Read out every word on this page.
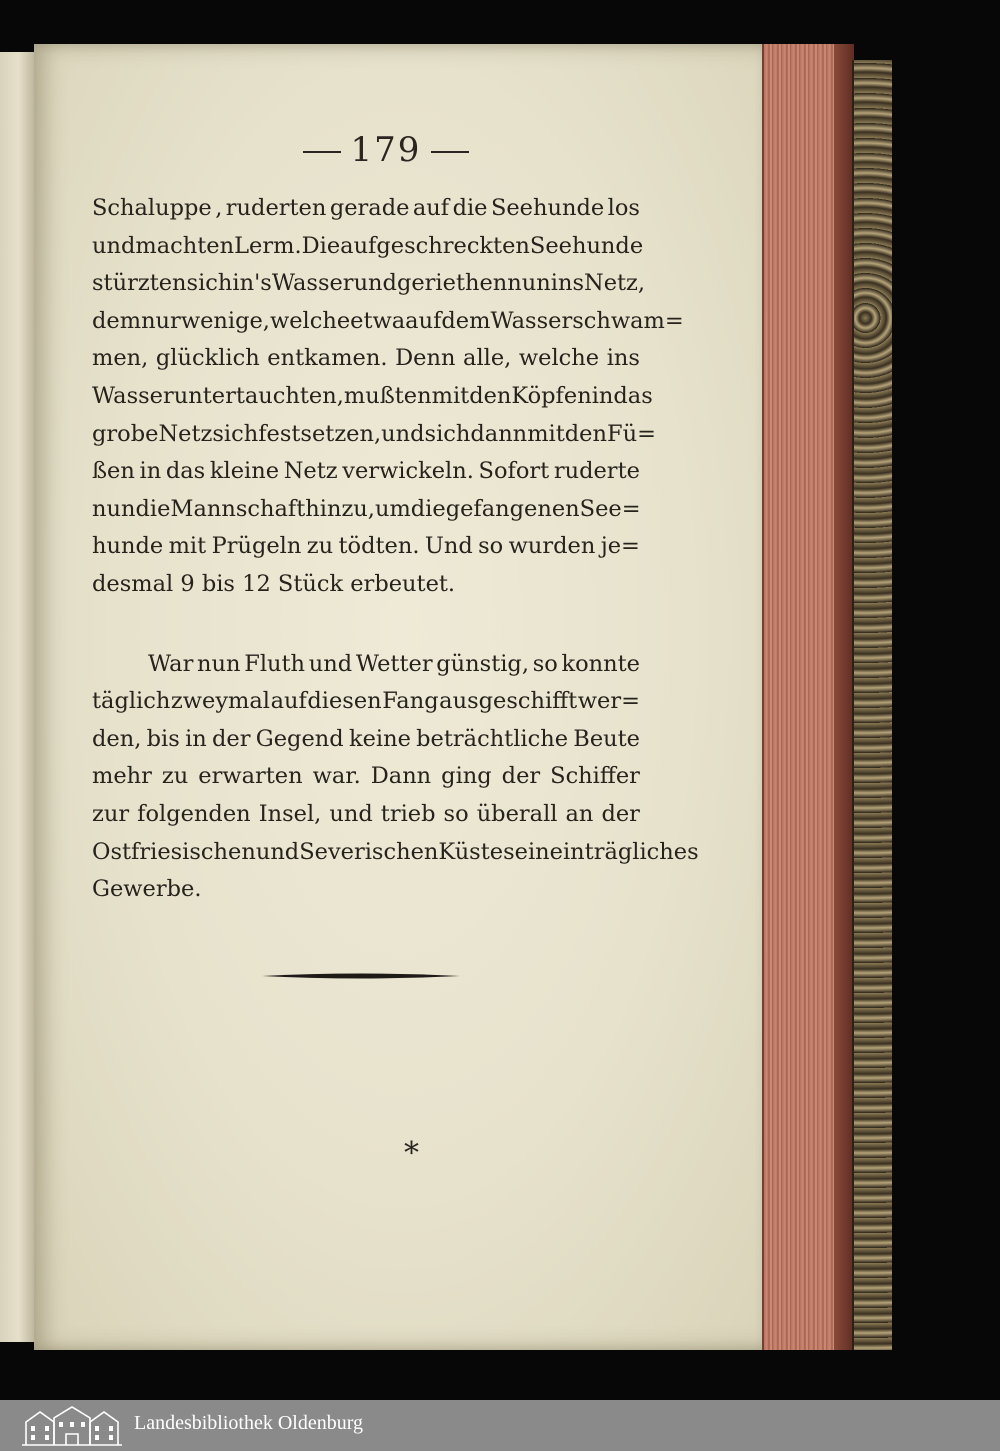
179
Schaluppe , ruderten gerade auf die Seehunde los
und machten Lerm. Die aufgeschreckten Seehunde
stürzten sich in's Wasser und geriethen nun ins Netz,
dem nur wenige, welche etwa auf dem Wasser schwam=
men, glücklich entkamen. Denn alle, welche ins
Wasser untertauchten, mußten mit den Köpfen in das
grobe Netz sich festsetzen, und sich dann mit den Fü=
ßen in das kleine Netz verwickeln. Sofort ruderte
nun die Mannschaft hinzu, um die gefangenen See=
hunde mit Prügeln zu tödten. Und so wurden je=
desmal 9 bis 12 Stück erbeutet.
War nun Fluth und Wetter günstig, so konnte
täglich zweymal auf diesen Fang ausgeschifft wer=
den, bis in der Gegend keine beträchtliche Beute
mehr zu erwarten war. Dann ging der Schiffer
zur folgenden Insel, und trieb so überall an der
Ostfriesischen und Severischen Küste sein einträgliches
Gewerbe.
*
Landesbibliothek Oldenburg
